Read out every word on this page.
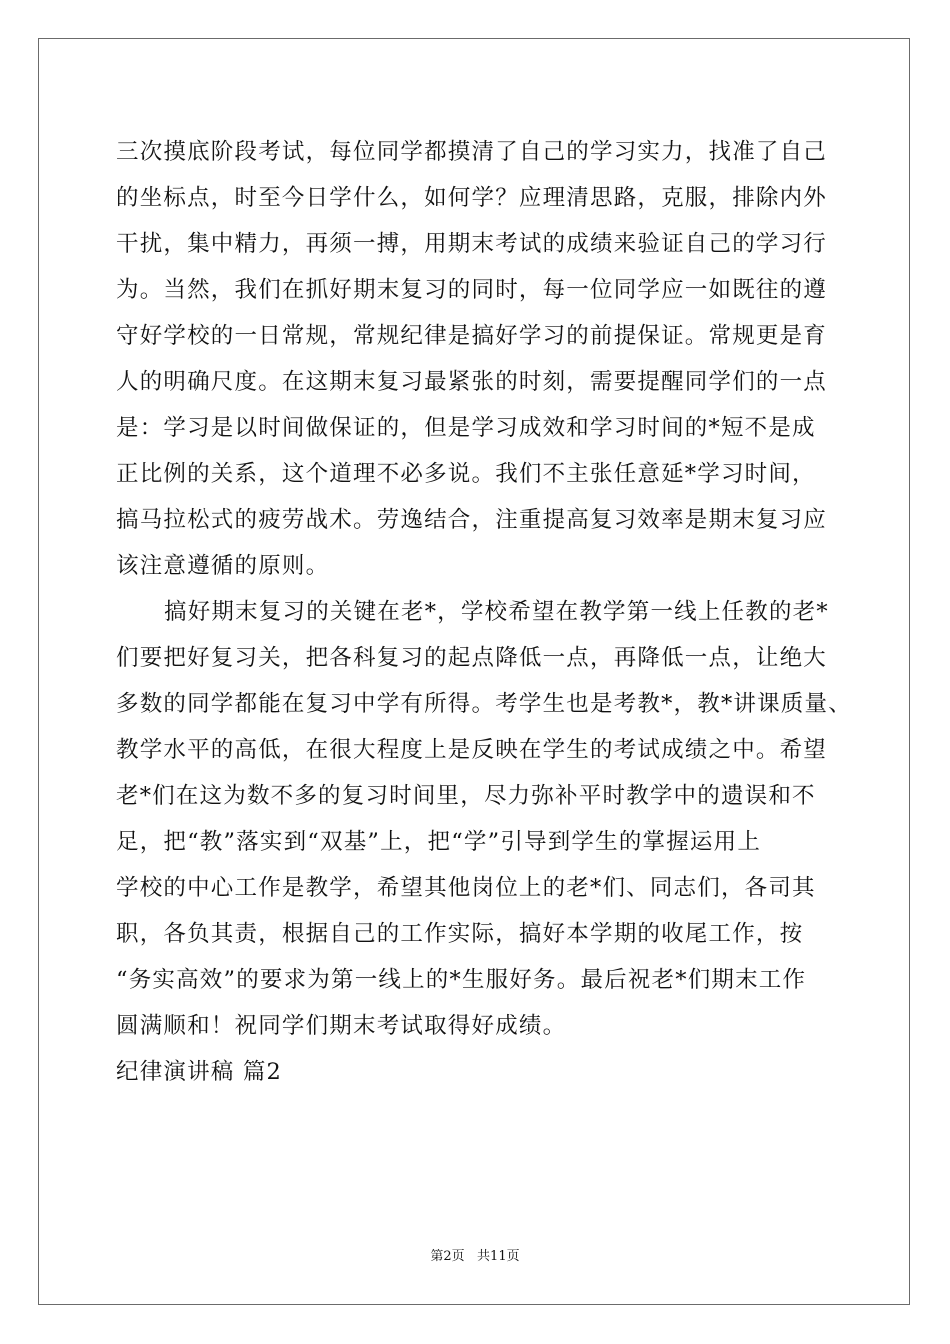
三次摸底阶段考试，每位同学都摸清了自己的学习实力，找准了自己
的坐标点，时至今日学什么，如何学？应理清思路，克服，排除内外
干扰，集中精力，再须一搏，用期末考试的成绩来验证自己的学习行
为。当然，我们在抓好期末复习的同时，每一位同学应一如既往的遵
守好学校的一日常规，常规纪律是搞好学习的前提保证。常规更是育
人的明确尺度。在这期末复习最紧张的时刻，需要提醒同学们的一点
是：学习是以时间做保证的，但是学习成效和学习时间的*短不是成
正比例的关系，这个道理不必多说。我们不主张任意延*学习时间，
搞马拉松式的疲劳战术。劳逸结合，注重提高复习效率是期末复习应
该注意遵循的原则。
搞好期末复习的关键在老*，学校希望在教学第一线上任教的老*
们要把好复习关，把各科复习的起点降低一点，再降低一点，让绝大
多数的同学都能在复习中学有所得。考学生也是考教*，教*讲课质量、
教学水平的高低，在很大程度上是反映在学生的考试成绩之中。希望
老*们在这为数不多的复习时间里，尽力弥补平时教学中的遗误和不
足，把“教”落实到“双基”上，把“学”引导到学生的掌握运用上
学校的中心工作是教学，希望其他岗位上的老*们、同志们，各司其
职，各负其责，根据自己的工作实际，搞好本学期的收尾工作，按
“务实高效”的要求为第一线上的*生服好务。最后祝老*们期末工作
圆满顺和！祝同学们期末考试取得好成绩。
纪律演讲稿 篇2
第2页   共11页
